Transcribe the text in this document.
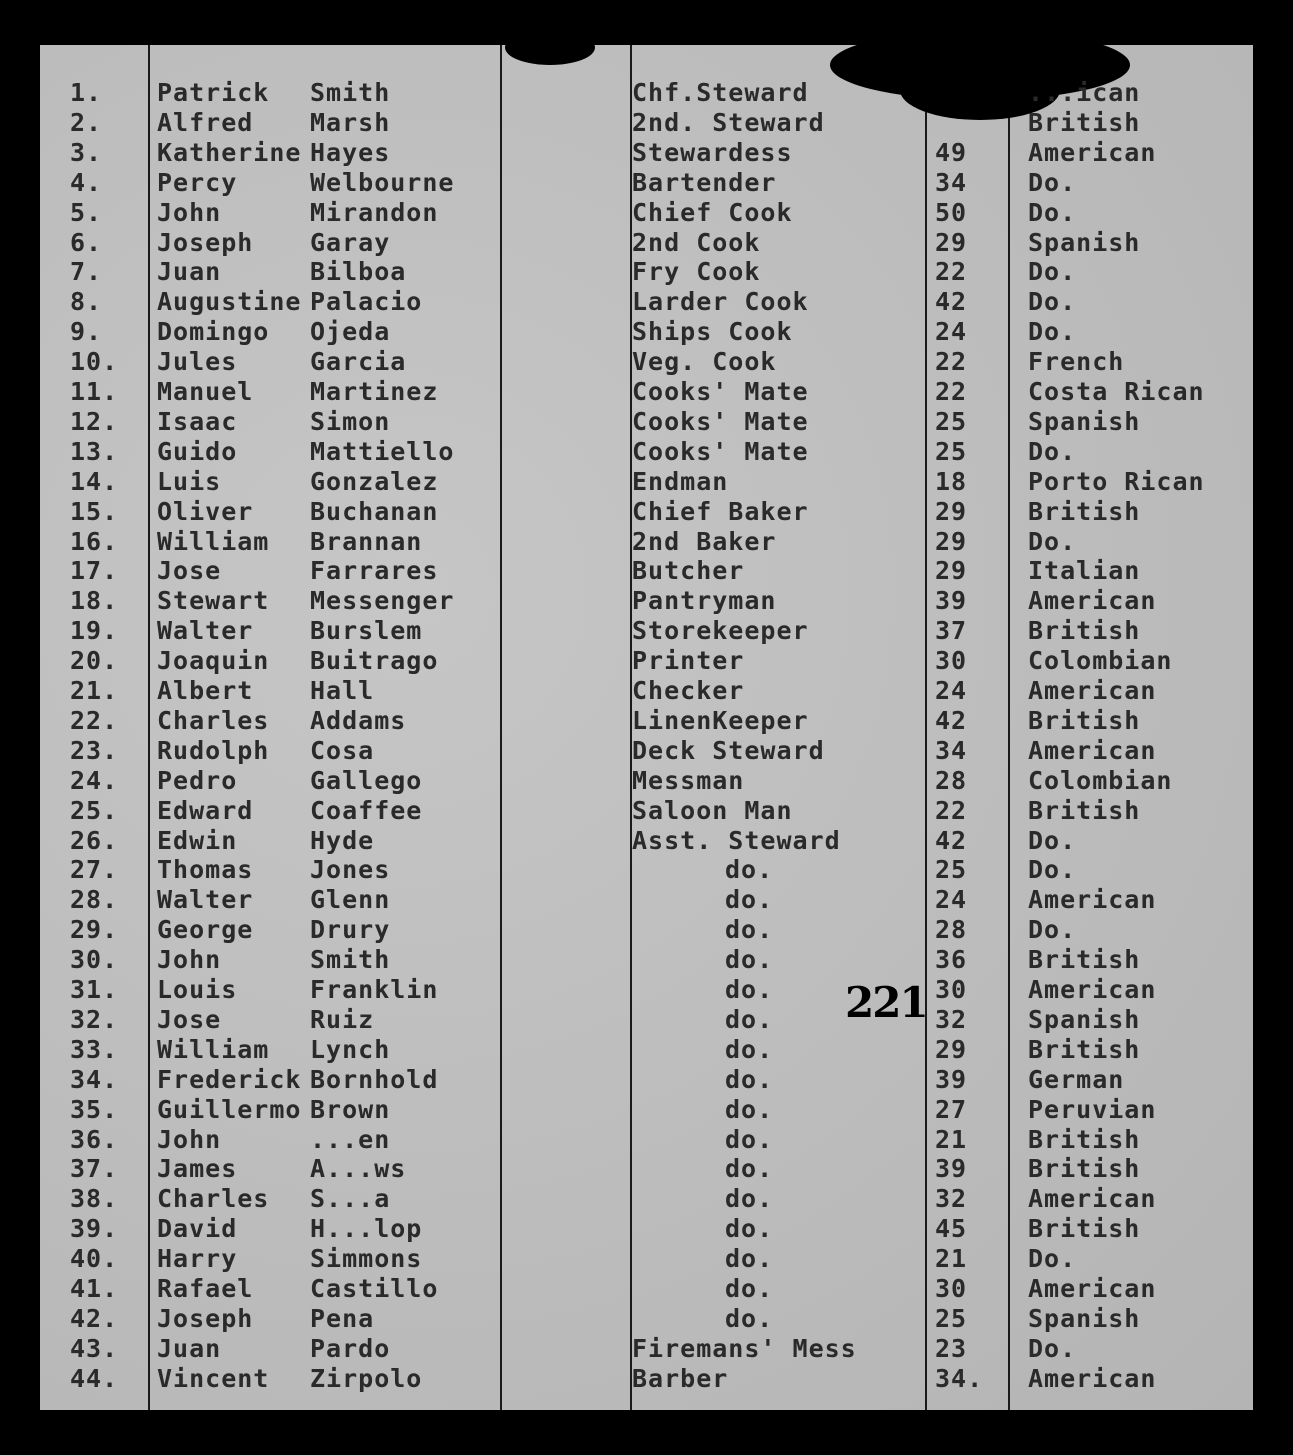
1.	Patrick Smith	Chf.Steward	...ican
2.	Alfred Marsh	2nd. Steward	British
3.	Katherine Hayes	Stewardess	49 American
4.	Percy	Welbourne	Bartender	34 Do.
5.	John	Mirandon	Chief Cook	50 Do.
6.	Joseph Garay	2nd Cook	29 Spanish
7.	Juan	Bilboa	Fry Cook	22 Do.
8.	Augustine Palacio	Larder Cook	42 Do.
9.	Domingo Ojeda	Ships Cook	24 Do.
10.	Jules	Garcia	Veg. Cook	22 French
11.	Manuel Martinez	Cooks' Mate	22 Costa Rican
12.	Isaac	Simon	Cooks' Mate	25 Spanish
13.	Guido	Mattiello	Cooks' Mate	25 Do.
14.	Luis	Gonzalez	Endman	18 Porto Rican
15.	Oliver Buchanan	Chief Baker	29 British
16.	William Brannan	2nd Baker	29 Do.
17.	Jose	Farrares	Butcher	29 Italian
18.	Stewart Messenger	Pantryman	39 American
19.	Walter Burslem	Storekeeper	37 British
20.	Joaquin Buitrago	Printer	30 Colombian
21.	Albert Hall	Checker	24 American
22.	Charles Addams	LinenKeeper	42 British
23.	Rudolph Cosa	Deck Steward	34 American
24.	Pedro	Gallego	Messman	28 Colombian
25.	Edward Coaffee	Saloon Man	22 British
26.	Edwin	Hyde	Asst. Steward	42 Do.
27.	Thomas Jones	do.	25 Do.
28.	Walter Glenn	do.	24 American
29.	George Drury	do.	28 Do.
30.	John	Smith	do.	36 British
31.	Louis	Franklin	do.	30 American
32.	Jose	Ruiz	do.	32 Spanish
33.	William Lynch	do.	29 British
34.	Frederick Bornhold	do.	39 German
35.	Guillermo Brown	do.	27 Peruvian
36.	John	...en	do.	21 British
37.	James	A...ws	do.	39 British
38.	Charles S...a	do.	32 American
39.	David	H...lop	do.	45 British
40.	Harry	Simmons	do.	21 Do.
41.	Rafael Castillo	do.	30 American
42.	Joseph Pena	do.	25 Spanish
43.	Juan	Pardo	Firemans' Mess	23 Do.
44.	Vincent Zirpolo	Barber	34. American
221
